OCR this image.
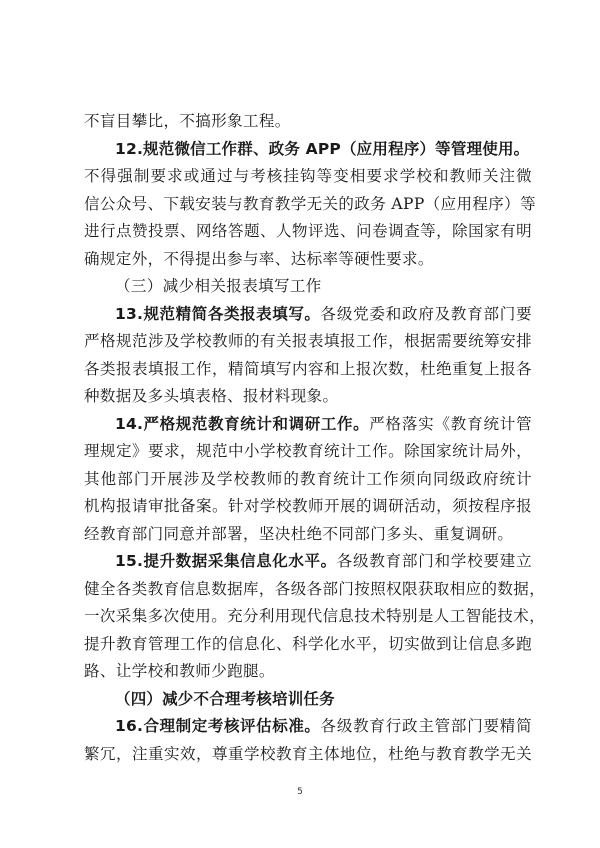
不盲目攀比，不搞形象工程。
12.规范微信工作群、政务 APP（应用程序）等管理使用。
不得强制要求或通过与考核挂钩等变相要求学校和教师关注微
信公众号、下载安装与教育教学无关的政务 APP（应用程序）等
进行点赞投票、网络答题、人物评选、问卷调查等，除国家有明
确规定外，不得提出参与率、达标率等硬性要求。
（三）减少相关报表填写工作
13.规范精简各类报表填写。各级党委和政府及教育部门要
严格规范涉及学校教师的有关报表填报工作，根据需要统筹安排
各类报表填报工作，精简填写内容和上报次数，杜绝重复上报各
种数据及多头填表格、报材料现象。
14.严格规范教育统计和调研工作。严格落实《教育统计管
理规定》要求，规范中小学校教育统计工作。除国家统计局外，
其他部门开展涉及学校教师的教育统计工作须向同级政府统计
机构报请审批备案。针对学校教师开展的调研活动，须按程序报
经教育部门同意并部署，坚决杜绝不同部门多头、重复调研。
15.提升数据采集信息化水平。各级教育部门和学校要建立
健全各类教育信息数据库，各级各部门按照权限获取相应的数据，
一次采集多次使用。充分利用现代信息技术特别是人工智能技术，
提升教育管理工作的信息化、科学化水平，切实做到让信息多跑
路、让学校和教师少跑腿。
（四）减少不合理考核培训任务
16.合理制定考核评估标准。各级教育行政主管部门要精简
繁冗，注重实效，尊重学校教育主体地位，杜绝与教育教学无关
5
